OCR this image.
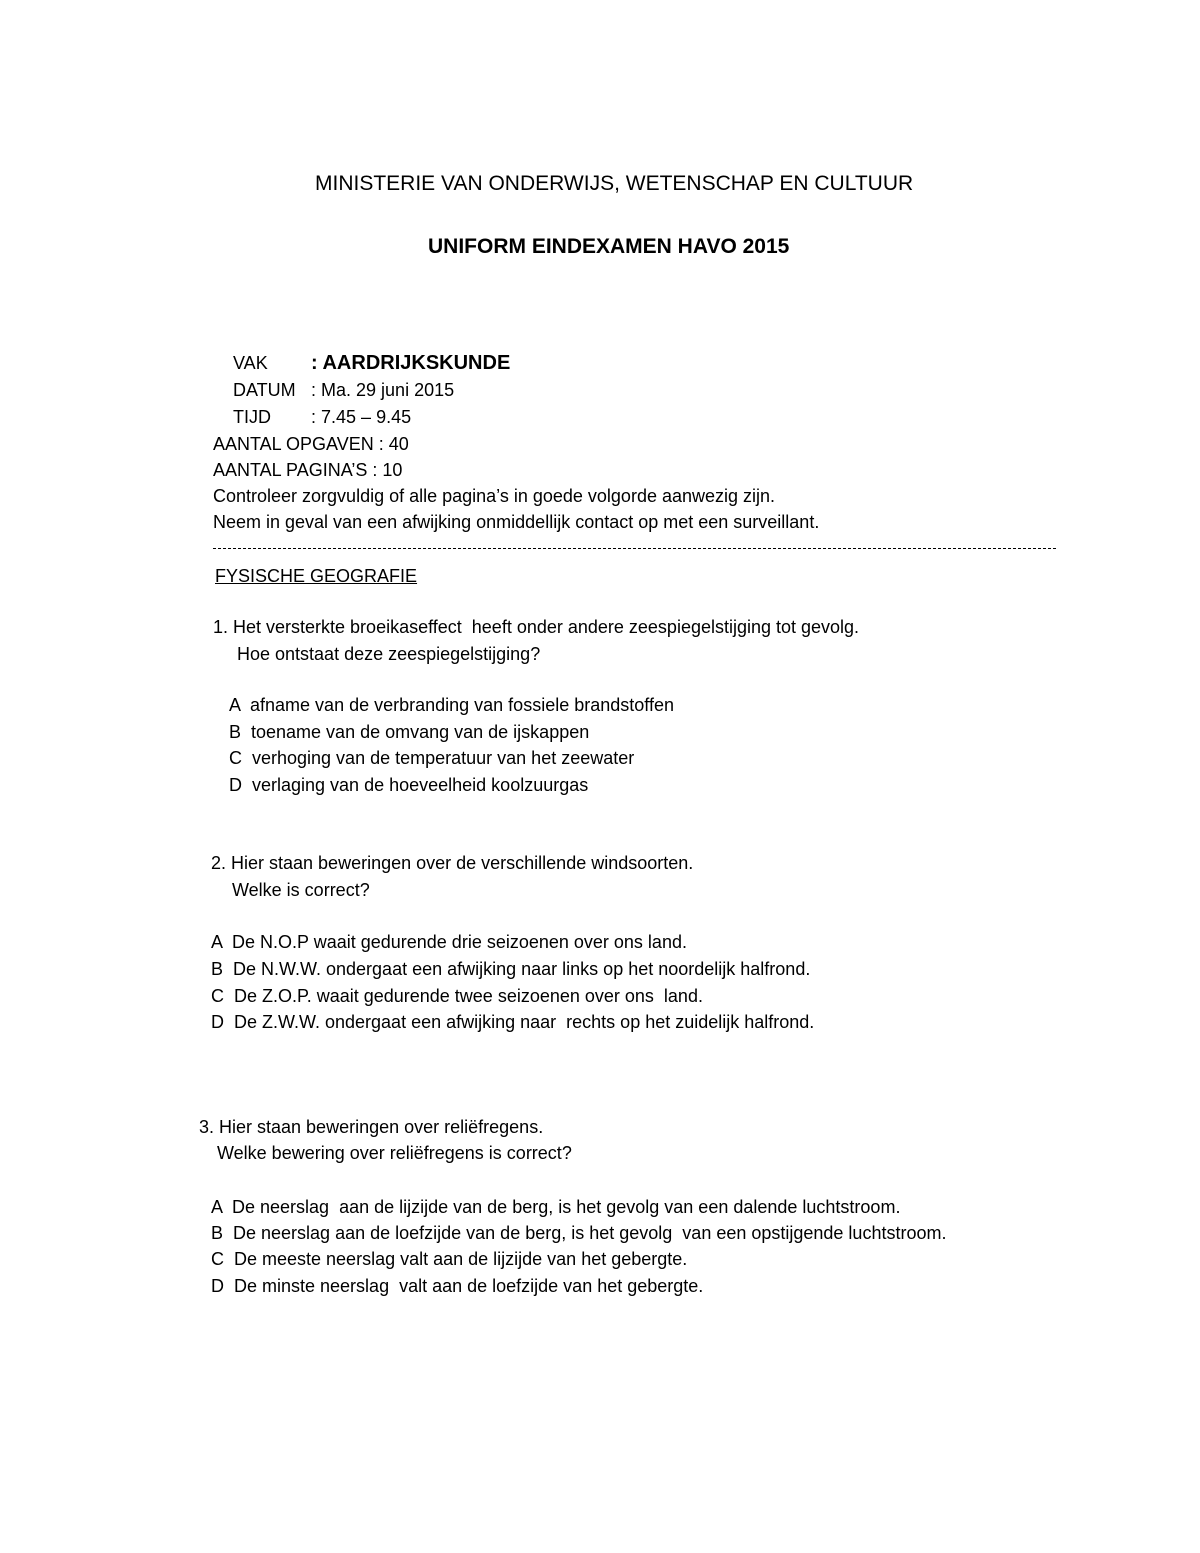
MINISTERIE VAN ONDERWIJS, WETENSCHAP EN CULTUUR
UNIFORM EINDEXAMEN HAVO 2015

VAK : AARDRIJKSKUNDE

DATUM : Ma. 29 juni 2015

TIJD : 7.45 – 9.45

AANTAL OPGAVEN : 40
AANTAL PAGINA’S : 10
Controleer zorgvuldig of alle pagina’s in goede volgorde aanwezig zijn.
Neem in geval van een afwijking onmiddellijk contact op met een surveillant.
FYSISCHE GEOGRAFIE
1. Het versterkte broeikaseffect  heeft onder andere zeespiegelstijging tot gevolg.
Hoe ontstaat deze zeespiegelstijging?
A  afname van de verbranding van fossiele brandstoffen
B  toename van de omvang van de ijskappen
C  verhoging van de temperatuur van het zeewater
D  verlaging van de hoeveelheid koolzuurgas
2. Hier staan beweringen over de verschillende windsoorten.
Welke is correct?
A  De N.O.P waait gedurende drie seizoenen over ons land.
B  De N.W.W. ondergaat een afwijking naar links op het noordelijk halfrond.
C  De Z.O.P. waait gedurende twee seizoenen over ons  land.
D  De Z.W.W. ondergaat een afwijking naar  rechts op het zuidelijk halfrond.
3. Hier staan beweringen over reliëfregens.
Welke bewering over reliëfregens is correct?
A  De neerslag  aan de lijzijde van de berg, is het gevolg van een dalende luchtstroom.
B  De neerslag aan de loefzijde van de berg, is het gevolg  van een opstijgende luchtstroom.
C  De meeste neerslag valt aan de lijzijde van het gebergte.
D  De minste neerslag  valt aan de loefzijde van het gebergte.
